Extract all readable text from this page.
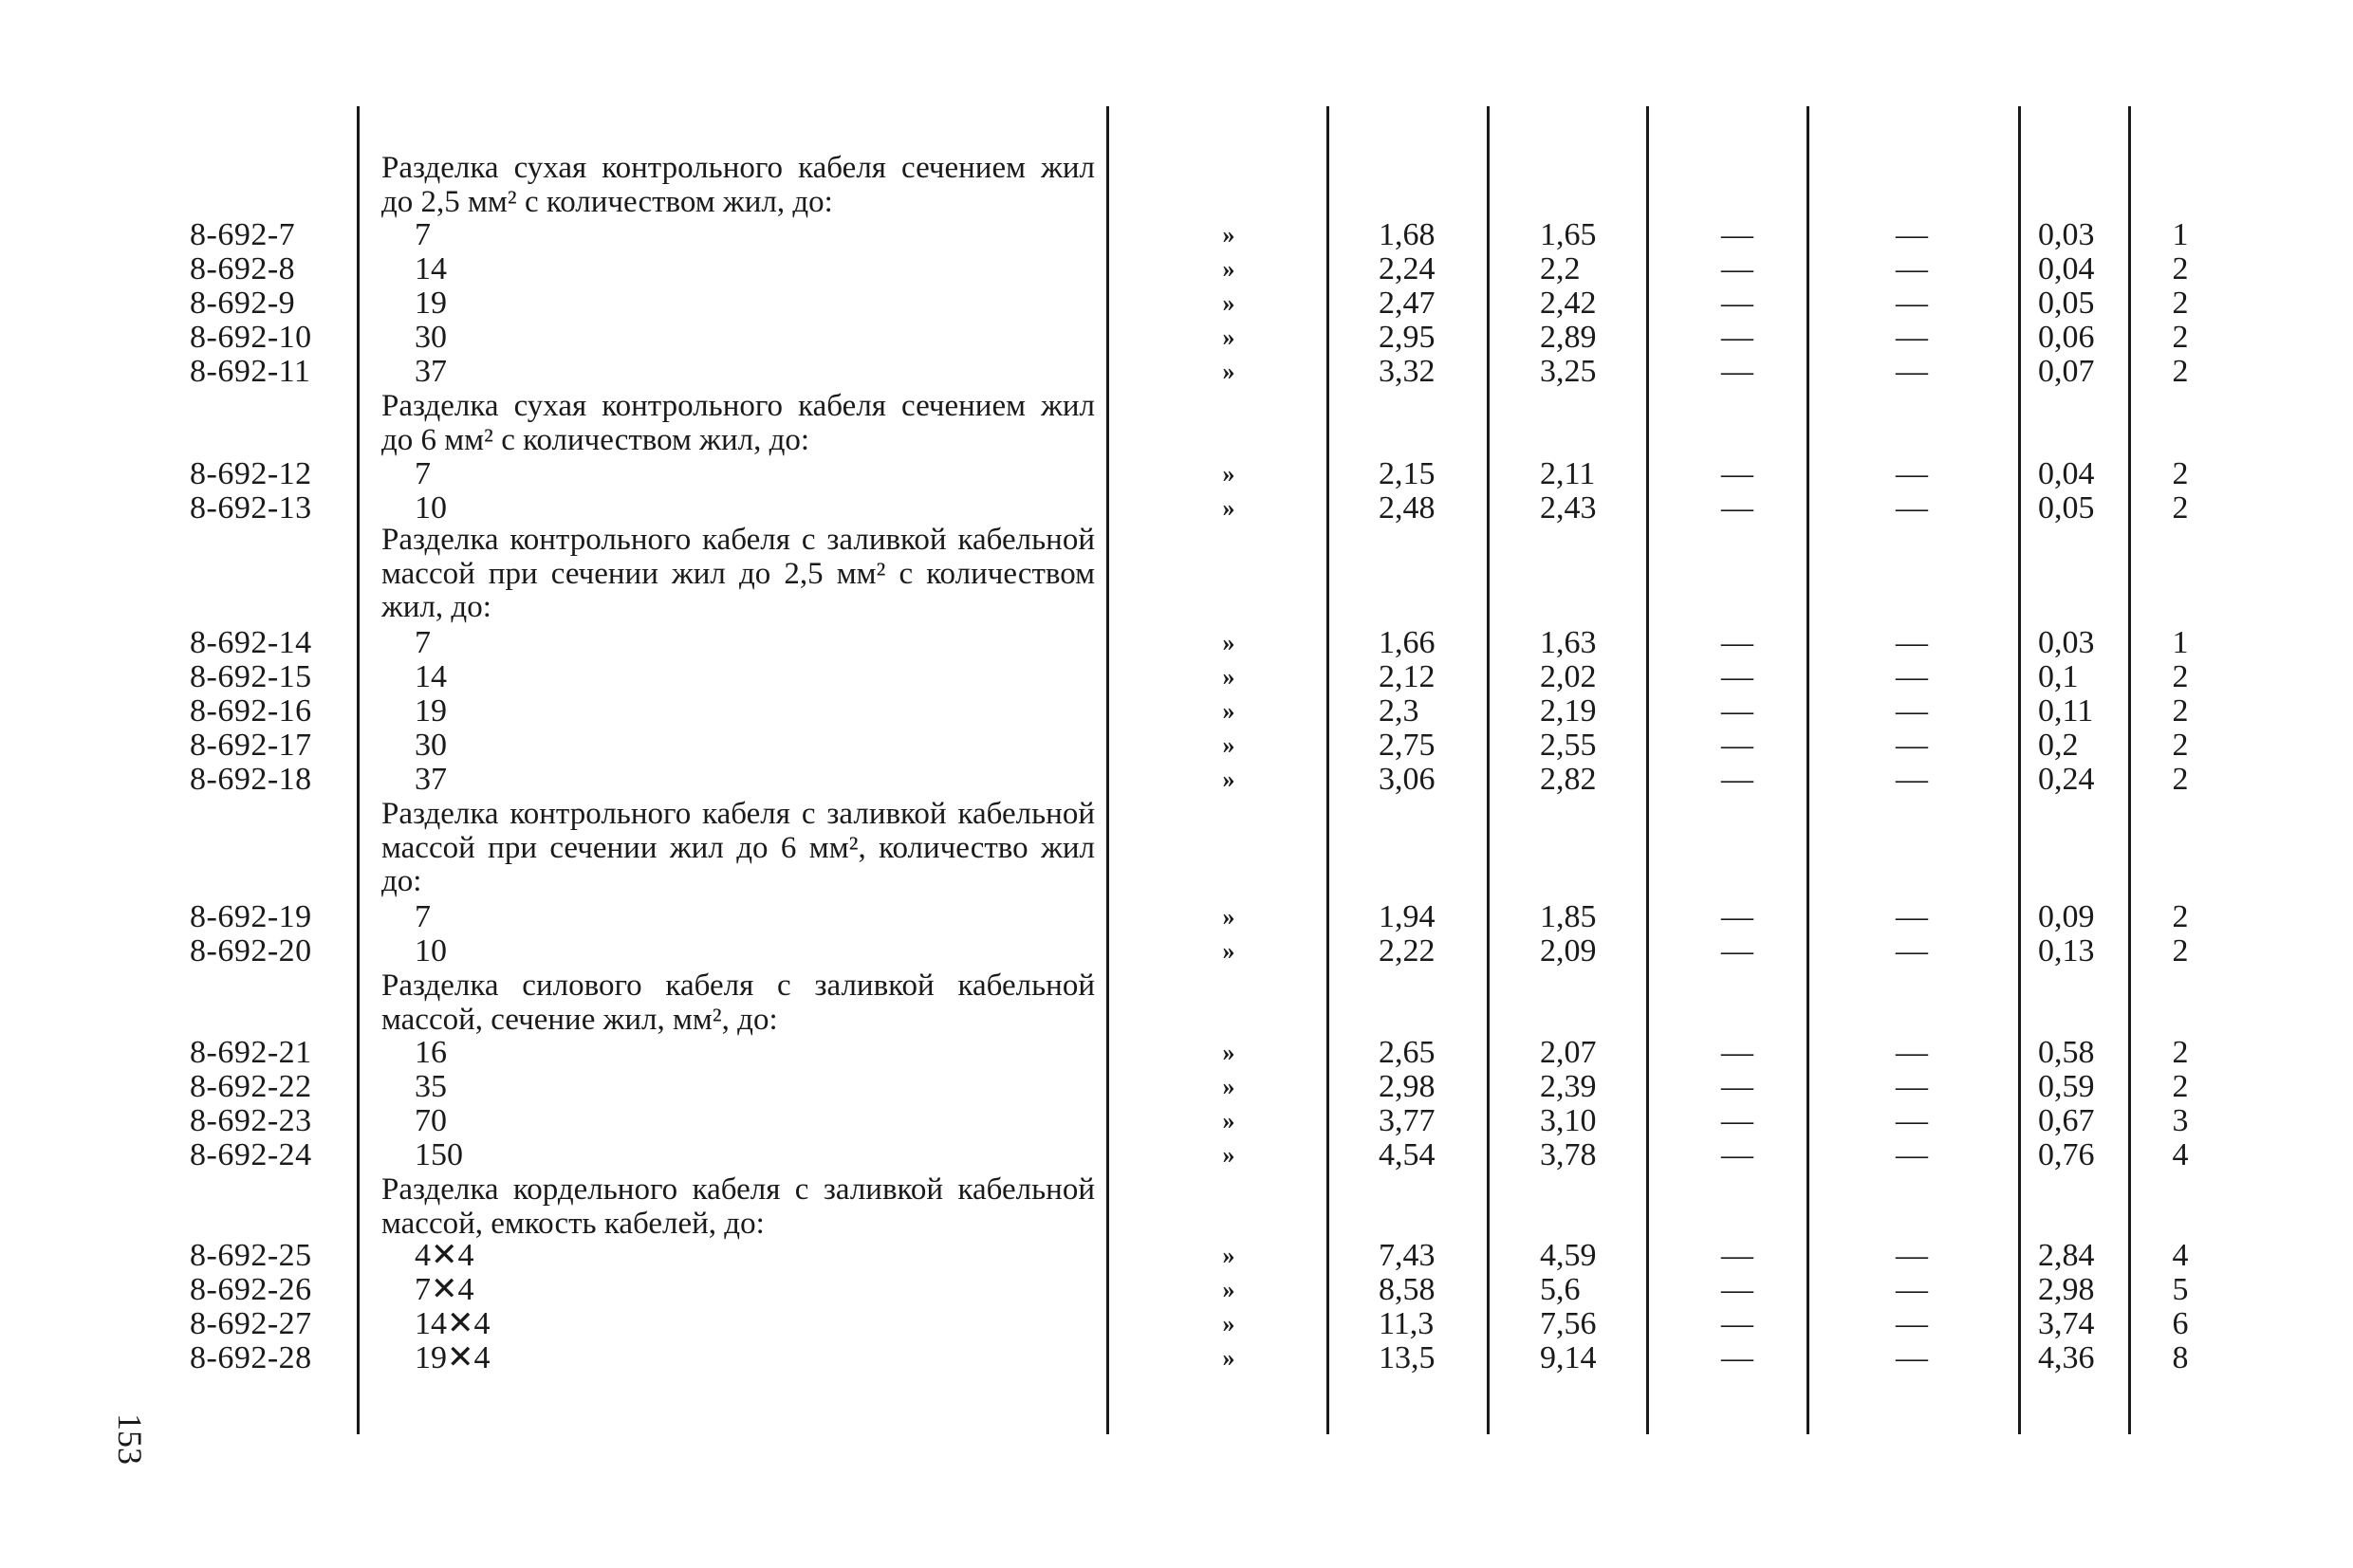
Разделка сухая контрольного кабеля сечением жил до 2,5 мм² с количеством жил, до:
8-692-7	7	»	1,68	1,65	—	—	0,03	1
8-692-8	14	»	2,24	2,2	—	—	0,04	2
8-692-9	19	»	2,47	2,42	—	—	0,05	2
8-692-10	30	»	2,95	2,89	—	—	0,06	2
8-692-11	37	»	3,32	3,25	—	—	0,07	2
Разделка сухая контрольного кабеля сечением жил до 6 мм² с количеством жил, до:
8-692-12	7	»	2,15	2,11	—	—	0,04	2
8-692-13	10	»	2,48	2,43	—	—	0,05	2
Разделка контрольного кабеля с заливкой кабельной массой при сечении жил до 2,5 мм² с количеством жил, до:
8-692-14	7	»	1,66	1,63	—	—	0,03	1
8-692-15	14	»	2,12	2,02	—	—	0,1	2
8-692-16	19	»	2,3	2,19	—	—	0,11	2
8-692-17	30	»	2,75	2,55	—	—	0,2	2
8-692-18	37	»	3,06	2,82	—	—	0,24	2
Разделка контрольного кабеля с заливкой кабельной массой при сечении жил до 6 мм², количество жил до:
8-692-19	7	»	1,94	1,85	—	—	0,09	2
8-692-20	10	»	2,22	2,09	—	—	0,13	2
Разделка силового кабеля с заливкой кабельной массой, сечение жил, мм², до:
8-692-21	16	»	2,65	2,07	—	—	0,58	2
8-692-22	35	»	2,98	2,39	—	—	0,59	2
8-692-23	70	»	3,77	3,10	—	—	0,67	3
8-692-24	150	»	4,54	3,78	—	—	0,76	4
Разделка кордельного кабеля с заливкой кабельной массой, емкость кабелей, до:
8-692-25	4✕4	»	7,43	4,59	—	—	2,84	4
8-692-26	7✕4	»	8,58	5,6	—	—	2,98	5
8-692-27	14✕4	»	11,3	7,56	—	—	3,74	6
8-692-28	19✕4	»	13,5	9,14	—	—	4,36	8
153
